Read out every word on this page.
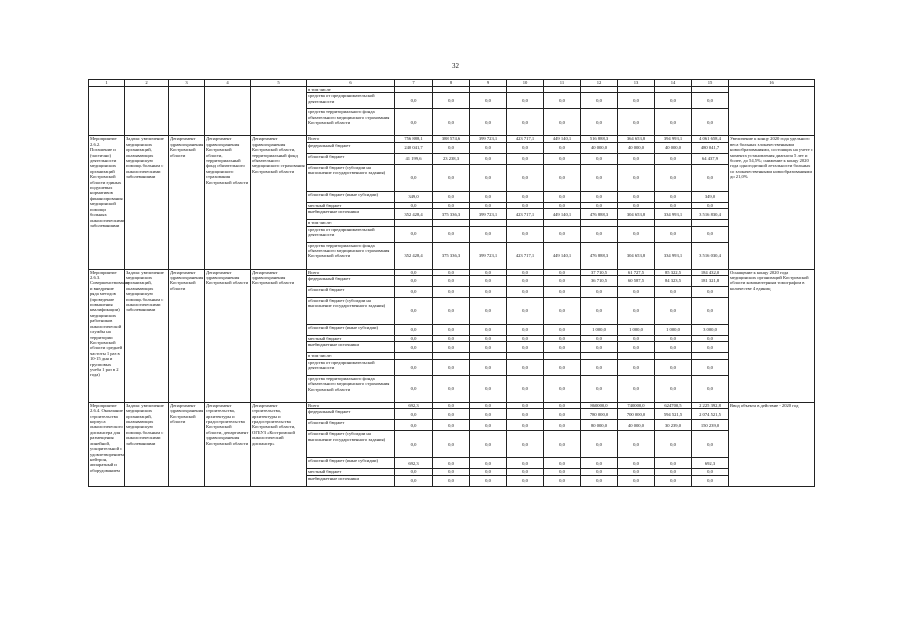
32
1	2	3	4	5	6	7	8	9	10	11	12	13	14	15	16
					в том числе										
					средства от предпринимательской деятельности	0,0	0,0	0,0	0,0	0,0	0,0	0,0	0,0	0,0	
					средства территориального фонда обязательного медицинского страхования Костромской области	0,0	0,0	0,0	0,0	0,0	0,0	0,0	0,0	0,0	
Мероприятие 2.6.2. Погашение и (частично) деятельности медицинских организаций Костромской области единых подушевых нормативов финансирования медицинской помощи больных онкологическими заболеваниями	Задача: увеличение медицинских организаций, оказывающих медицинскую помощь больным с онкологическими заболеваниями	Департамент здравоохранения Костромской области	Департамент здравоохранения Костромской области, территориальный фонд обязательного медицинского страхования Костромской области	Департамент здравоохранения Костромской области, территориальный фонд обязательного медицинского страхования Костромской области	Всего	756 888,1	388 574,6	399 723,1	423 717,1	449 140,1	516 888,3	364 653,8	394 993,1	4 061 658,4	Увеличение к концу 2020 года удельного веса больных злокачественными новообразованиями, состоящих на учете с момента установления диагноза 5 лет и более, до 54,5%; снижение к концу 2020 года одногодичной летальности больных со злокачественными новообразованиями до 21,0%
					федеральный бюджет	240 041,7	0,0	0,0	0,0	0,0	40 000,0	40 000,0	40 000,0	480 041,7	
					областной бюджет	41 199,6	23 238,3	0,0	0,0	0,0	0,0	0,0	0,0	64 437,9	
					областной бюджет (субсидии на выполнение государственного задания)	0,0	0,0	0,0	0,0	0,0	0,0	0,0	0,0	0,0	
					областной бюджет (иные субсидии)	349,0	0,0	0,0	0,0	0,0	0,0	0,0	0,0	349,0	
					местный бюджет	0,0	0,0	0,0	0,0	0,0	0,0	0,0	0,0	0,0	
					внебюджетные источники	352 428,4	375 336,3	399 723,1	423 717,1	449 140,1	476 888,3	304 653,8	334 993,1	3 516 830,4	
					в том числе:										
					средства от предпринимательской деятельности	0,0	0,0	0,0	0,0	0,0	0,0	0,0	0,0	0,0	
					средства территориального фонда обязательного медицинского страхования Костромской области	352 428,4	375 336,3	399 723,1	423 717,1	449 140,1	476 888,3	304 653,8	334 993,1	3 516 030,4	
Мероприятие 2.6.3. Совершенствование и внедрение ряда методов (проведение повышения квалификации) медицинских работников онкологической службы на территории Костромской области средней частоты 1 раз в 10-15 дня и групповых учеба 1 раз в 2 года)	Задача: увеличение медицинских организаций, оказывающих медицинскую помощь больным с онкологическими заболеваниями	Департамент здравоохранения Костромской области	Департамент здравоохранения Костромской области	Департамент здравоохранения Костромской области	Всего	0,0	0,0	0,0	0,0	0,0	37 710,5	61 727,5	85 322,5	184 432,0	Оснащение к концу 2020 года медицинских организаций Костромской области компьютерным томографом в количестве 4 единиц
					федеральный бюджет	0,0	0,0	0,0	0,0	0,0	36 710,5	60 587,5	84 323,5	181 321,8	
					областной бюджет	0,0	0,0	0,0	0,0	0,0	0,0	0,0	0,0	0,0	
					областной бюджет (субсидии на выполнение государственного задания)	0,0	0,0	0,0	0,0	0,0	0,0	0,0	0,0	0,0	
					областной бюджет (иные субсидии)	0,0	0,0	0,0	0,0	0,0	1 000,0	1 000,0	1 000,0	3 000,0	
					местный бюджет	0,0	0,0	0,0	0,0	0,0	0,0	0,0	0,0	0,0	
					внебюджетные источники	0,0	0,0	0,0	0,0	0,0	0,0	0,0	0,0	0,0	
					в том числе:										
					средства от предпринимательской деятельности	0,0	0,0	0,0	0,0	0,0	0,0	0,0	0,0	0,0	
					средства территориального фонда обязательного медицинского страхования Костромской области	0,0	0,0	0,0	0,0	0,0	0,0	0,0	0,0	0,0	
Мероприятие 2.6.4. Окончание строительства корпуса онкологического диспансера для размещения линейной, ускорительной с удовлетворением нейтрон, аппаратный и оборудованием	Задача: увеличение медицинских организаций, оказывающих медицинскую помощь больным с онкологическими заболеваниями	Департамент здравоохранения Костромской области	Департамент строительства, архитектуры и градостроительства Костромской области, департамент здравоохранения Костромской области	Департамент строительства, архитектуры и градостроительства Костромской области, ОГБУЗ «Костромской онкологический диспансер»	Всего	692,3	0,0	0,0	0,0	0,0	860000,0	740000,0	624700,5	2 225 392,8	Ввод объекта в действие - 2020 год
					федеральный бюджет	0,0	0,0	0,0	0,0	0,0	780 000,0	700 000,0	594 521,5	2 074 521,5	
					областной бюджет	0,0	0,0	0,0	0,0	0,0	80 000,0	40 000,0	30 239,0	150 239,0	
					областной бюджет (субсидии на выполнение государственного задания)	0,0	0,0	0,0	0,0	0,0	0,0	0,0	0,0	0,0	
					областной бюджет (иные субсидии)	692,3	0,0	0,0	0,0	0,0	0,0	0,0	0,0	692,3	
					местный бюджет	0,0	0,0	0,0	0,0	0,0	0,0	0,0	0,0	0,0	
					внебюджетные источники	0,0	0,0	0,0	0,0	0,0	0,0	0,0	0,0	0,0	
